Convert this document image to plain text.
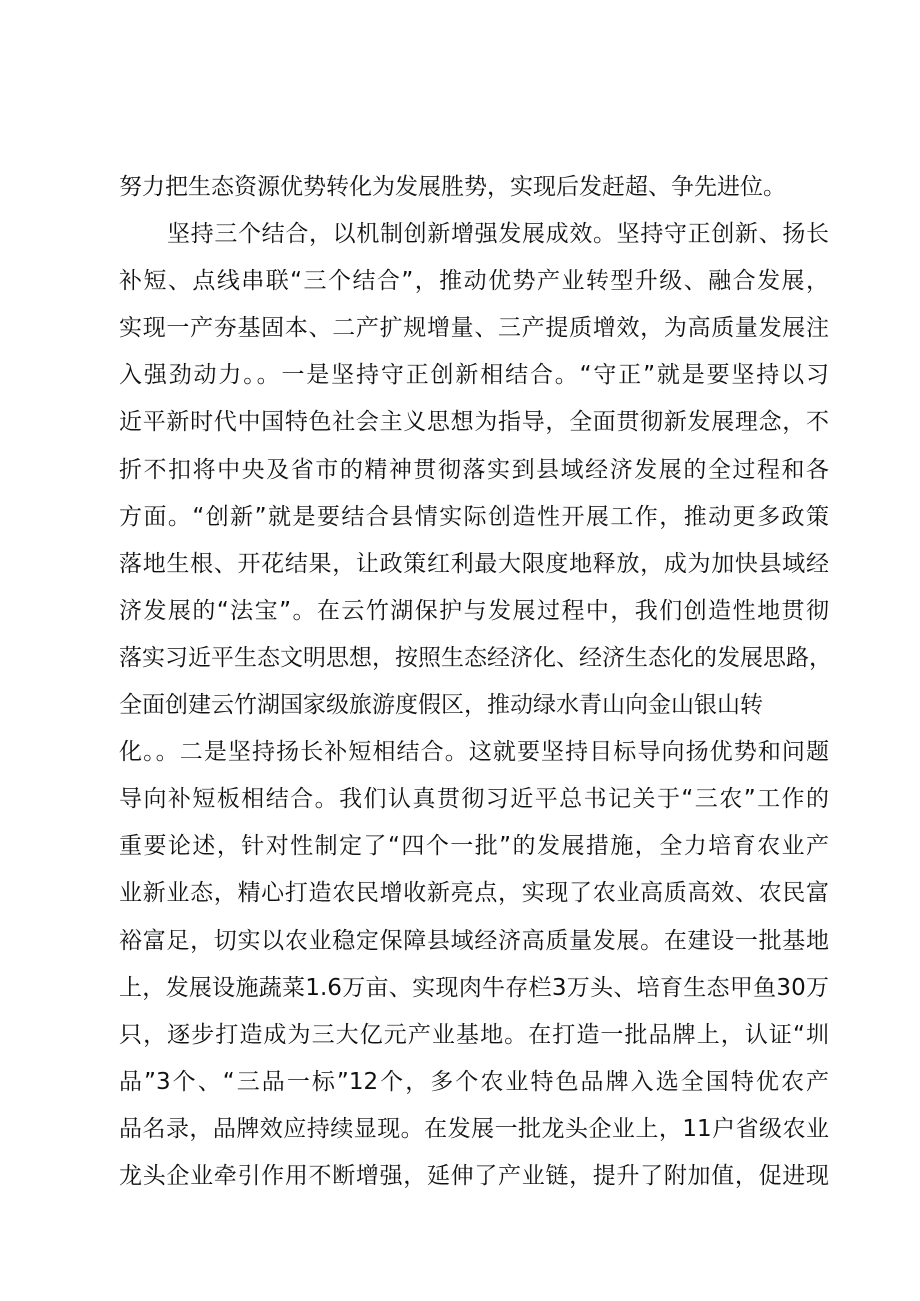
努力把生态资源优势转化为发展胜势，实现后发赶超、争先进位。
坚持三个结合，以机制创新增强发展成效。坚持守正创新、扬长
补短、点线串联“三个结合”，推动优势产业转型升级、融合发展，
实现一产夯基固本、二产扩规增量、三产提质增效，为高质量发展注
入强劲动力。。一是坚持守正创新相结合。“守正”就是要坚持以习
近平新时代中国特色社会主义思想为指导，全面贯彻新发展理念，不
折不扣将中央及省市的精神贯彻落实到县域经济发展的全过程和各
方面。“创新”就是要结合县情实际创造性开展工作，推动更多政策
落地生根、开花结果，让政策红利最大限度地释放，成为加快县域经
济发展的“法宝”。在云竹湖保护与发展过程中，我们创造性地贯彻
落实习近平生态文明思想，按照生态经济化、经济生态化的发展思路，
全面创建云竹湖国家级旅游度假区，推动绿水青山向金山银山转
化。。二是坚持扬长补短相结合。这就要坚持目标导向扬优势和问题
导向补短板相结合。我们认真贯彻习近平总书记关于“三农”工作的
重要论述，针对性制定了“四个一批”的发展措施，全力培育农业产
业新业态，精心打造农民增收新亮点，实现了农业高质高效、农民富
裕富足，切实以农业稳定保障县域经济高质量发展。在建设一批基地
上，发展设施蔬菜1.6万亩、实现肉牛存栏3万头、培育生态甲鱼30万
只，逐步打造成为三大亿元产业基地。在打造一批品牌上，认证“圳
品”3个、“三品一标”12个，多个农业特色品牌入选全国特优农产
品名录，品牌效应持续显现。在发展一批龙头企业上，11户省级农业
龙头企业牵引作用不断增强，延伸了产业链，提升了附加值，促进现
